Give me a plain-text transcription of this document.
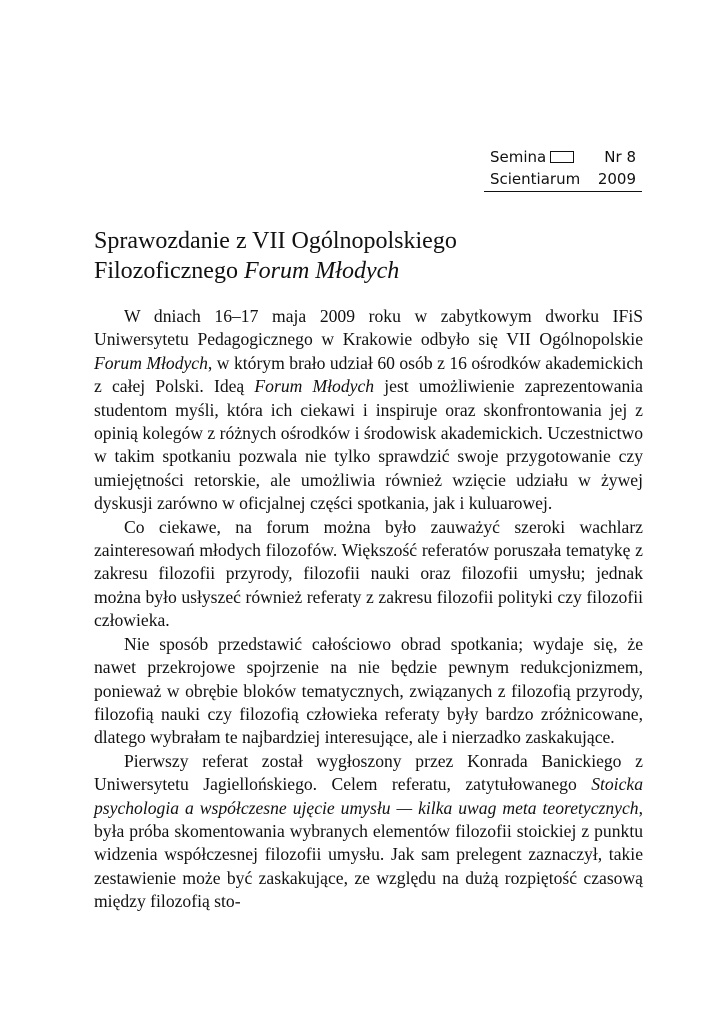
Semina	Nr 8
Scientiarum	2009
Sprawozdanie z VII Ogólnopolskiego
Filozoficznego Forum Młodych

W dniach 16–17 maja 2009 roku w zabytkowym dworku IFiS Uniwersytetu Pedagogicznego w Krakowie odbyło się VII Ogólnopolskie Forum Młodych, w którym brało udział 60 osób z 16 ośrodków akademickich z całej Polski. Ideą Forum Młodych jest umożliwienie zaprezentowania studentom myśli, która ich ciekawi i inspiruje oraz skonfrontowania jej z opinią kolegów z różnych ośrodków i środowisk akademickich. Uczestnictwo w takim spotkaniu pozwala nie tylko sprawdzić swoje przygotowanie czy umiejętności retorskie, ale umożliwia również wzięcie udziału w żywej dyskusji zarówno w oficjalnej części spotkania, jak i kuluarowej.

Co ciekawe, na forum można było zauważyć szeroki wachlarz zainteresowań młodych filozofów. Większość referatów poruszała tematykę z zakresu filozofii przyrody, filozofii nauki oraz filozofii umysłu; jednak można było usłyszeć również referaty z zakresu filozofii polityki czy filozofii człowieka.

Nie sposób przedstawić całościowo obrad spotkania; wydaje się, że nawet przekrojowe spojrzenie na nie będzie pewnym redukcjonizmem, ponieważ w obrębie bloków tematycznych, związanych z filozofią przyrody, filozofią nauki czy filozofią człowieka referaty były bardzo zróżnicowane, dlatego wybrałam te najbardziej interesujące, ale i nierzadko zaskakujące.

Pierwszy referat został wygłoszony przez Konrada Banickiego z Uniwersytetu Jagiellońskiego. Celem referatu, zatytułowanego Stoicka psychologia a współczesne ujęcie umysłu — kilka uwag meta teoretycznych, była próba skomentowania wybranych elementów filozofii stoickiej z punktu widzenia współczesnej filozofii umysłu. Jak sam prelegent zaznaczył, takie zestawienie może być zaskakujące, ze względu na dużą rozpiętość czasową między filozofią sto-
